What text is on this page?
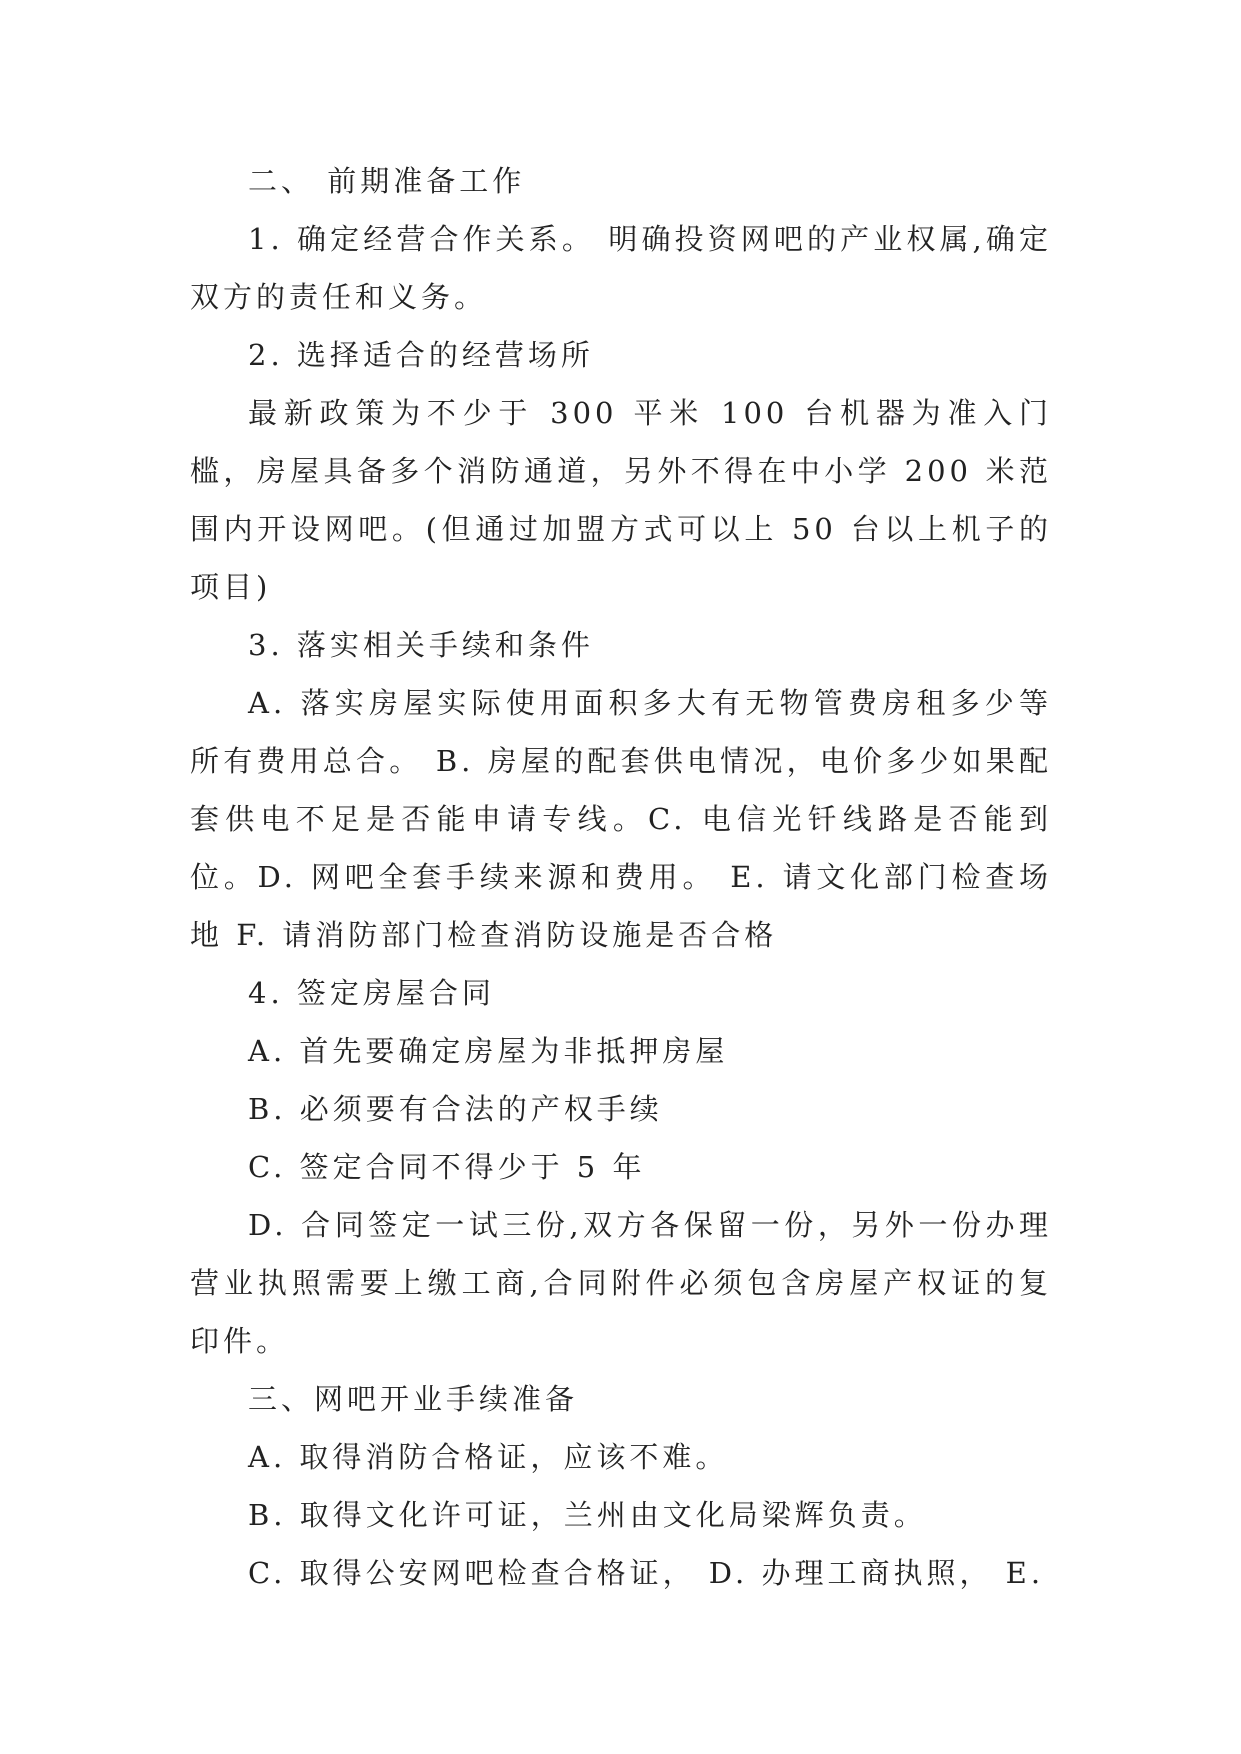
二、 前期准备工作

1. 确定经营合作关系。 明确投资网吧的产业权属,确定双方的责任和义务。

2. 选择适合的经营场所

最新政策为不少于 300 平米 100 台机器为准入门槛，房屋具备多个消防通道，另外不得在中小学 200 米范围内开设网吧。(但通过加盟方式可以上 50 台以上机子的项目)

3. 落实相关手续和条件

A. 落实房屋实际使用面积多大有无物管费房租多少等所有费用总合。 B. 房屋的配套供电情况，电价多少如果配套供电不足是否能申请专线。C. 电信光钎线路是否能到位。D. 网吧全套手续来源和费用。 E. 请文化部门检查场地 F. 请消防部门检查消防设施是否合格

4. 签定房屋合同

A. 首先要确定房屋为非抵押房屋

B. 必须要有合法的产权手续

C. 签定合同不得少于 5 年

D. 合同签定一试三份,双方各保留一份，另外一份办理营业执照需要上缴工商,合同附件必须包含房屋产权证的复印件。

三、网吧开业手续准备

A. 取得消防合格证，应该不难。

B. 取得文化许可证，兰州由文化局梁辉负责。

C. 取得公安网吧检查合格证， D. 办理工商执照， E.
